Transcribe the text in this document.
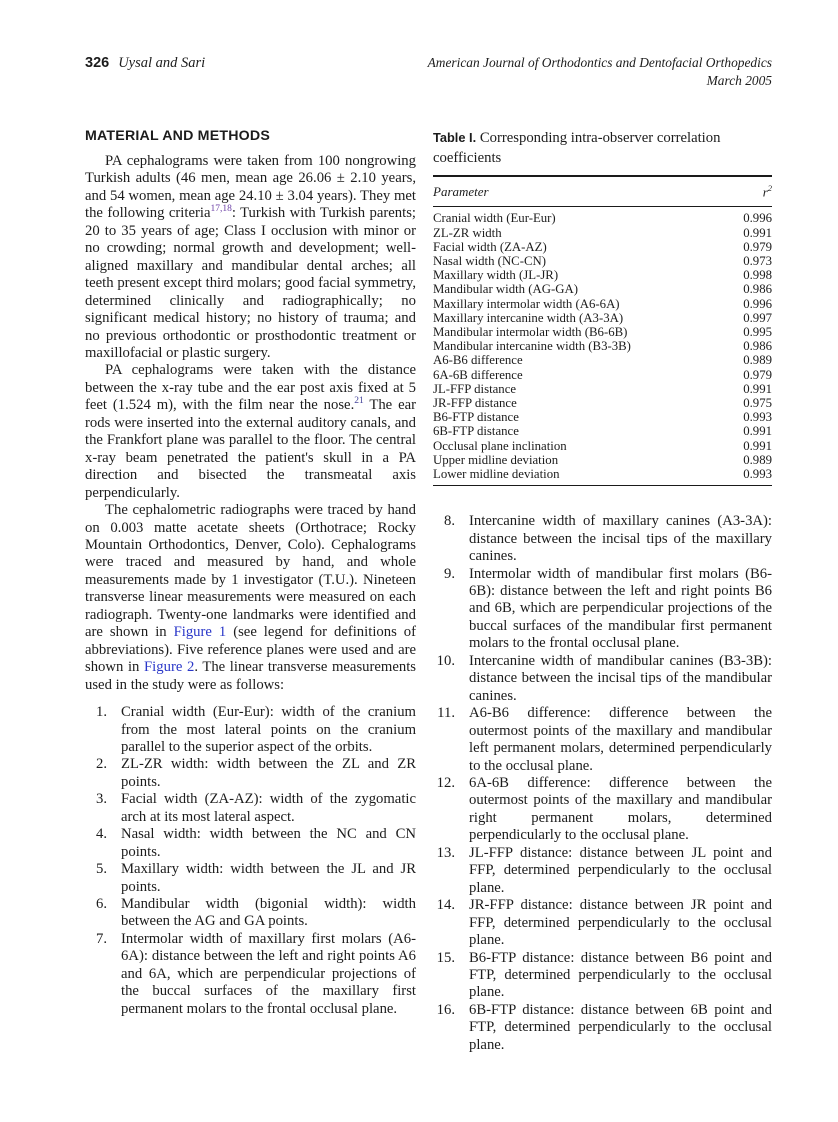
326 Uysal and Sari	American Journal of Orthodontics and Dentofacial Orthopedics
March 2005
MATERIAL AND METHODS

PA cephalograms were taken from 100 nongrowing Turkish adults (46 men, mean age 26.06 ± 2.10 years, and 54 women, mean age 24.10 ± 3.04 years). They met the following criteria$^{17,18}$: Turkish with Turkish parents; 20 to 35 years of age; Class I occlusion with minor or no crowding; normal growth and development; well-aligned maxillary and mandibular dental arches; all teeth present except third molars; good facial symmetry, determined clinically and radiographically; no significant medical history; no history of trauma; and no previous orthodontic or prosthodontic treatment or maxillofacial or plastic surgery.

PA cephalograms were taken with the distance between the x-ray tube and the ear post axis fixed at 5 feet (1.524 m), with the film near the nose.$^{21}$ The ear rods were inserted into the external auditory canals, and the Frankfort plane was parallel to the floor. The central x-ray beam penetrated the patient's skull in a PA direction and bisected the transmeatal axis perpendicularly.

The cephalometric radiographs were traced by hand on 0.003 matte acetate sheets (Orthotrace; Rocky Mountain Orthodontics, Denver, Colo). Cephalograms were traced and measured by hand, and whole measurements made by 1 investigator (T.U.). Nineteen transverse linear measurements were measured on each radiograph. Twenty-one landmarks were identified and are shown in Figure 1 (see legend for definitions of abbreviations). Five reference planes were used and are shown in Figure 2. The linear transverse measurements used in the study were as follows:

1. Cranial width (Eur-Eur): width of the cranium from the most lateral points on the cranium parallel to the superior aspect of the orbits.
2. ZL-ZR width: width between the ZL and ZR points.
3. Facial width (ZA-AZ): width of the zygomatic arch at its most lateral aspect.
4. Nasal width: width between the NC and CN points.
5. Maxillary width: width between the JL and JR points.
6. Mandibular width (bigonial width): width between the AG and GA points.
7. Intermolar width of maxillary first molars (A6-6A): distance between the left and right points A6 and 6A, which are perpendicular projections of the buccal surfaces of the maxillary first permanent molars to the frontal occlusal plane.
Table I. Corresponding intra-observer correlation coefficients
Parameter	$r^2$
Cranial width (Eur-Eur)	0.996
ZL-ZR width	0.991
Facial width (ZA-AZ)	0.979
Nasal width (NC-CN)	0.973
Maxillary width (JL-JR)	0.998
Mandibular width (AG-GA)	0.986
Maxillary intermolar width (A6-6A)	0.996
Maxillary intercanine width (A3-3A)	0.997
Mandibular intermolar width (B6-6B)	0.995
Mandibular intercanine width (B3-3B)	0.986
A6-B6 difference	0.989
6A-6B difference	0.979
JL-FFP distance	0.991
JR-FFP distance	0.975
B6-FTP distance	0.993
6B-FTP distance	0.991
Occlusal plane inclination	0.991
Upper midline deviation	0.989
Lower midline deviation	0.993
8. Intercanine width of maxillary canines (A3-3A): distance between the incisal tips of the maxillary canines.
9. Intermolar width of mandibular first molars (B6-6B): distance between the left and right points B6 and 6B, which are perpendicular projections of the buccal surfaces of the mandibular first permanent molars to the frontal occlusal plane.
10. Intercanine width of mandibular canines (B3-3B): distance between the incisal tips of the mandibular canines.
11. A6-B6 difference: difference between the outermost points of the maxillary and mandibular left permanent molars, determined perpendicularly to the occlusal plane.
12. 6A-6B difference: difference between the outermost points of the maxillary and mandibular right permanent molars, determined perpendicularly to the occlusal plane.
13. JL-FFP distance: distance between JL point and FFP, determined perpendicularly to the occlusal plane.
14. JR-FFP distance: distance between JR point and FFP, determined perpendicularly to the occlusal plane.
15. B6-FTP distance: distance between B6 point and FTP, determined perpendicularly to the occlusal plane.
16. 6B-FTP distance: distance between 6B point and FTP, determined perpendicularly to the occlusal plane.
